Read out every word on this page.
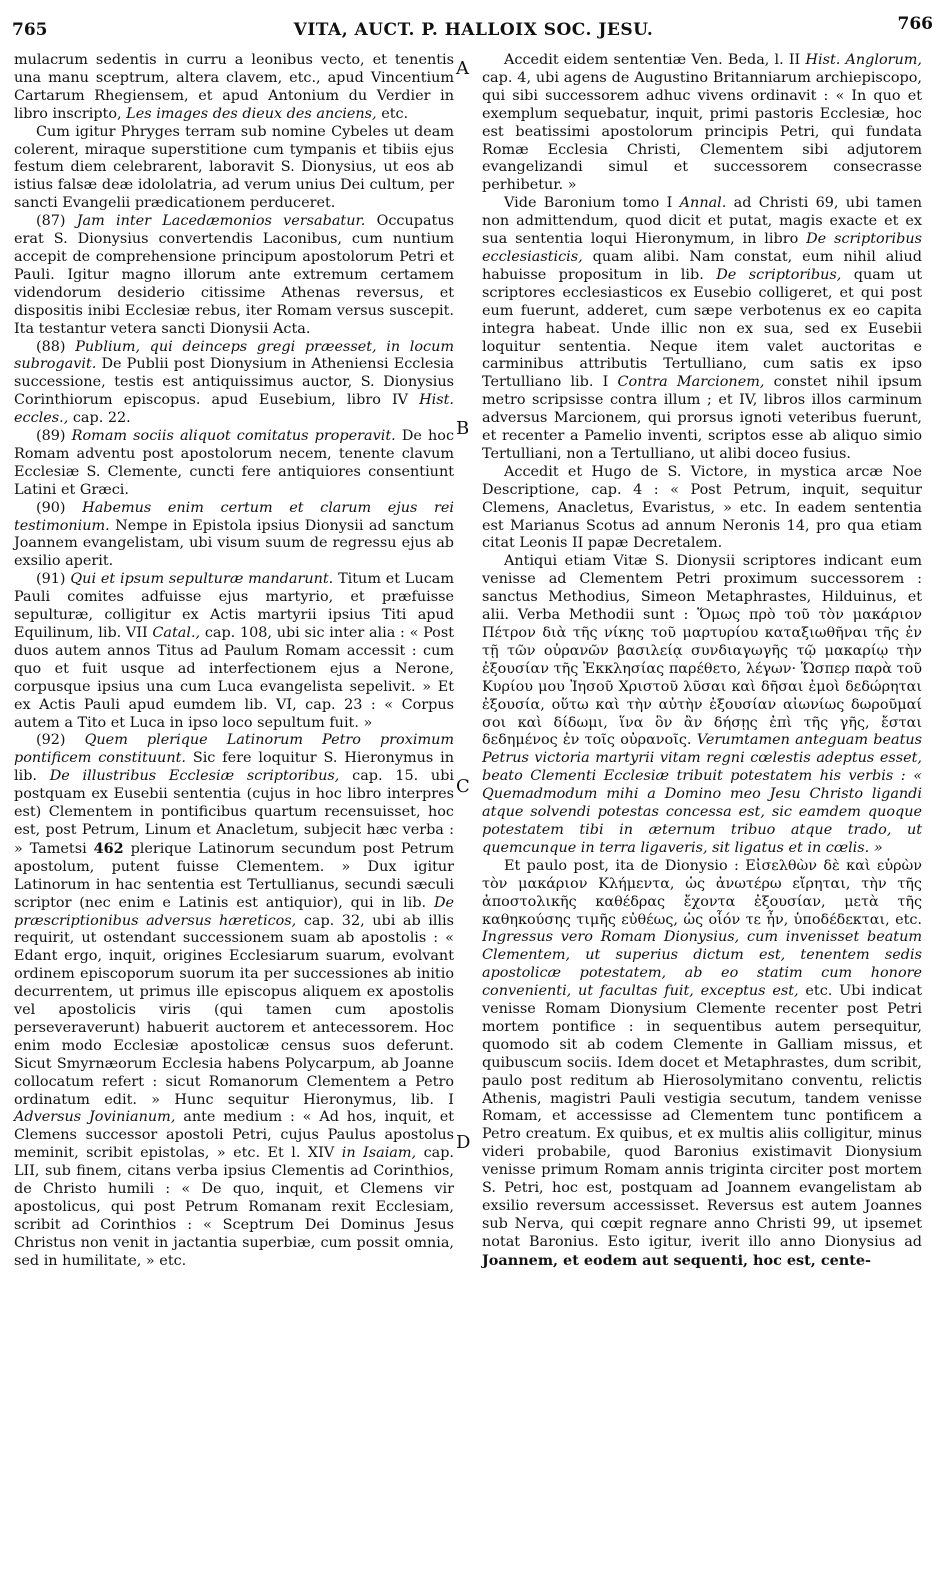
765	VITA, AUCT. P. HALLOIX SOC. JESU.	766
A
B
C
D

mulacrum sedentis in curru a leonibus vecto, et tenentis una manu sceptrum, altera clavem, etc., apud Vincentium Cartarum Rhegiensem, et apud Antonium du Verdier in libro inscripto, Les images des dieux des anciens, etc.

Cum igitur Phryges terram sub nomine Cybeles ut deam colerent, miraque superstitione cum tympanis et tibiis ejus festum diem celebrarent, laboravit S. Dionysius, ut eos ab istius falsæ deæ idololatria, ad verum unius Dei cultum, per sancti Evangelii prædicationem perduceret.

(87) Jam inter Lacedæmonios versabatur. Occupatus erat S. Dionysius convertendis Laconibus, cum nuntium accepit de comprehensione principum apostolorum Petri et Pauli. Igitur magno illorum ante extremum certamem videndorum desiderio citissime Athenas reversus, et dispositis inibi Ecclesiæ rebus, iter Romam versus suscepit. Ita testantur vetera sancti Dionysii Acta.

(88) Publium, qui deinceps gregi præesset, in locum subrogavit. De Publii post Dionysium in Atheniensi Ecclesia successione, testis est antiquissimus auctor, S. Dionysius Corinthiorum episcopus. apud Eusebium, libro IV Hist. eccles., cap. 22.

(89) Romam sociis aliquot comitatus properavit. De hoc Romam adventu post apostolorum necem, tenente clavum Ecclesiæ S. Clemente, cuncti fere antiquiores consentiunt Latini et Græci.

(90) Habemus enim certum et clarum ejus rei testimonium. Nempe in Epistola ipsius Dionysii ad sanctum Joannem evangelistam, ubi visum suum de regressu ejus ab exsilio aperit.

(91) Qui et ipsum sepulturæ mandarunt. Titum et Lucam Pauli comites adfuisse ejus martyrio, et præfuisse sepulturæ, colligitur ex Actis martyrii ipsius Titi apud Equilinum, lib. VII Catal., cap. 108, ubi sic inter alia : « Post duos autem annos Titus ad Paulum Romam accessit : cum quo et fuit usque ad interfectionem ejus a Nerone, corpusque ipsius una cum Luca evangelista sepelivit. » Et ex Actis Pauli apud eumdem lib. VI, cap. 23 : « Corpus autem a Tito et Luca in ipso loco sepultum fuit. »

(92) Quem plerique Latinorum Petro proximum pontificem constituunt. Sic fere loquitur S. Hieronymus in lib. De illustribus Ecclesiæ scriptoribus, cap. 15. ubi postquam ex Eusebii sententia (cujus in hoc libro interpres est) Clementem in pontificibus quartum recensuisset, hoc est, post Petrum, Linum et Anacletum, subjecit hæc verba : » Tametsi 462 plerique Latinorum secundum post Petrum apostolum, putent fuisse Clementem. » Dux igitur Latinorum in hac sententia est Tertullianus, secundi sæculi scriptor (nec enim e Latinis est antiquior), qui in lib. De præscriptionibus adversus hæreticos, cap. 32, ubi ab illis requirit, ut ostendant successionem suam ab apostolis : « Edant ergo, inquit, origines Ecclesiarum suarum, evolvant ordinem episcoporum suorum ita per successiones ab initio decurrentem, ut primus ille episcopus aliquem ex apostolis vel apostolicis viris (qui tamen cum apostolis perseveraverunt) habuerit auctorem et antecessorem. Hoc enim modo Ecclesiæ apostolicæ census suos deferunt. Sicut Smyrnæorum Ecclesia habens Polycarpum, ab Joanne collocatum refert : sicut Romanorum Clementem a Petro ordinatum edit. » Hunc sequitur Hieronymus, lib. I Adversus Jovinianum, ante medium : « Ad hos, inquit, et Clemens successor apostoli Petri, cujus Paulus apostolus meminit, scribit epistolas, » etc. Et l. XIV in Isaiam, cap. LII, sub finem, citans verba ipsius Clementis ad Corinthios, de Christo humili : « De quo, inquit, et Clemens vir apostolicus, qui post Petrum Romanam rexit Ecclesiam, scribit ad Corinthios : « Sceptrum Dei Dominus Jesus Christus non venit in jactantia superbiæ, cum possit omnia, sed in humilitate, » etc.

Accedit eidem sententiæ Ven. Beda, l. II Hist. Anglorum, cap. 4, ubi agens de Augustino Britanniarum archiepiscopo, qui sibi successorem adhuc vivens ordinavit : « In quo et exemplum sequebatur, inquit, primi pastoris Ecclesiæ, hoc est beatissimi apostolorum principis Petri, qui fundata Romæ Ecclesia Christi, Clementem sibi adjutorem evangelizandi simul et successorem consecrasse perhibetur. »

Vide Baronium tomo I Annal. ad Christi 69, ubi tamen non admittendum, quod dicit et putat, magis exacte et ex sua sententia loqui Hieronymum, in libro De scriptoribus ecclesiasticis, quam alibi. Nam constat, eum nihil aliud habuisse propositum in lib. De scriptoribus, quam ut scriptores ecclesiasticos ex Eusebio colligeret, et qui post eum fuerunt, adderet, cum sæpe verbotenus ex eo capita integra habeat. Unde illic non ex sua, sed ex Eusebii loquitur sententia. Neque item valet auctoritas e carminibus attributis Tertulliano, cum satis ex ipso Tertulliano lib. I Contra Marcionem, constet nihil ipsum metro scripsisse contra illum ; et IV, libros illos carminum adversus Marcionem, qui prorsus ignoti veteribus fuerunt, et recenter a Pamelio inventi, scriptos esse ab aliquo simio Tertulliani, non a Tertulliano, ut alibi doceo fusius.

Accedit et Hugo de S. Victore, in mystica arcæ Noe Descriptione, cap. 4 : « Post Petrum, inquit, sequitur Clemens, Anacletus, Evaristus, » etc. In eadem sententia est Marianus Scotus ad annum Neronis 14, pro qua etiam citat Leonis II papæ Decretalem.

Antiqui etiam Vitæ S. Dionysii scriptores indicant eum venisse ad Clementem Petri proximum successorem : sanctus Methodius, Simeon Metaphrastes, Hilduinus, et alii. Verba Methodii sunt : Ὅμως πρὸ τοῦ τὸν μακάριον Πέτρον διὰ τῆς νίκης τοῦ μαρτυρίου καταξιωθῆναι τῆς ἐν τῇ τῶν οὐρανῶν βασιλείᾳ συνδιαγωγῆς τῷ μακαρίῳ τὴν ἐξουσίαν τῆς Ἐκκλησίας παρέθετο, λέγων· Ὥσπερ παρὰ τοῦ Κυρίου μου Ἰησοῦ Χριστοῦ λῦσαι καὶ δῆσαι ἐμοὶ δεδώρηται ἐξουσία, οὕτω καὶ τὴν αὐτὴν ἐξουσίαν αἰωνίως δωροῦμαί σοι καὶ δίδωμι, ἵνα ὃν ἂν δήσῃς ἐπὶ τῆς γῆς, ἔσται δεδημένος ἐν τοῖς οὐρανοῖς. Verumtamen anteguam beatus Petrus victoria martyrii vitam regni cœlestis adeptus esset, beato Clementi Ecclesiæ tribuit potestatem his verbis : « Quemadmodum mihi a Domino meo Jesu Christo ligandi atque solvendi potestas concessa est, sic eamdem quoque potestatem tibi in æternum tribuo atque trado, ut quemcunque in terra ligaveris, sit ligatus et in cœlis. »

Et paulo post, ita de Dionysio : Εἰσελθὼν δὲ καὶ εὑρὼν τὸν μακάριον Κλήμεντα, ὡς ἀνωτέρω εἴρηται, τὴν τῆς ἀποστολικῆς καθέδρας ἔχοντα ἐξουσίαν, μετὰ τῆς καθηκούσης τιμῆς εὐθέως, ὡς οἷόν τε ἦν, ὑποδέδεκται, etc. Ingressus vero Romam Dionysius, cum invenisset beatum Clementem, ut superius dictum est, tenentem sedis apostolicæ potestatem, ab eo statim cum honore convenienti, ut facultas fuit, exceptus est, etc. Ubi indicat venisse Romam Dionysium Clemente recenter post Petri mortem pontifice : in sequentibus autem persequitur, quomodo sit ab codem Clemente in Galliam missus, et quibuscum sociis. Idem docet et Metaphrastes, dum scribit, paulo post reditum ab Hierosolymitano conventu, relictis Athenis, magistri Pauli vestigia secutum, tandem venisse Romam, et accessisse ad Clementem tunc pontificem a Petro creatum. Ex quibus, et ex multis aliis colligitur, minus videri probabile, quod Baronius existimavit Dionysium venisse primum Romam annis triginta circiter post mortem S. Petri, hoc est, postquam ad Joannem evangelistam ab exsilio reversum accessisset. Reversus est autem Joannes sub Nerva, qui cœpit regnare anno Christi 99, ut ipsemet notat Baronius. Esto igitur, iverit illo anno Dionysius ad Joannem, et eodem aut sequenti, hoc est, cente-
